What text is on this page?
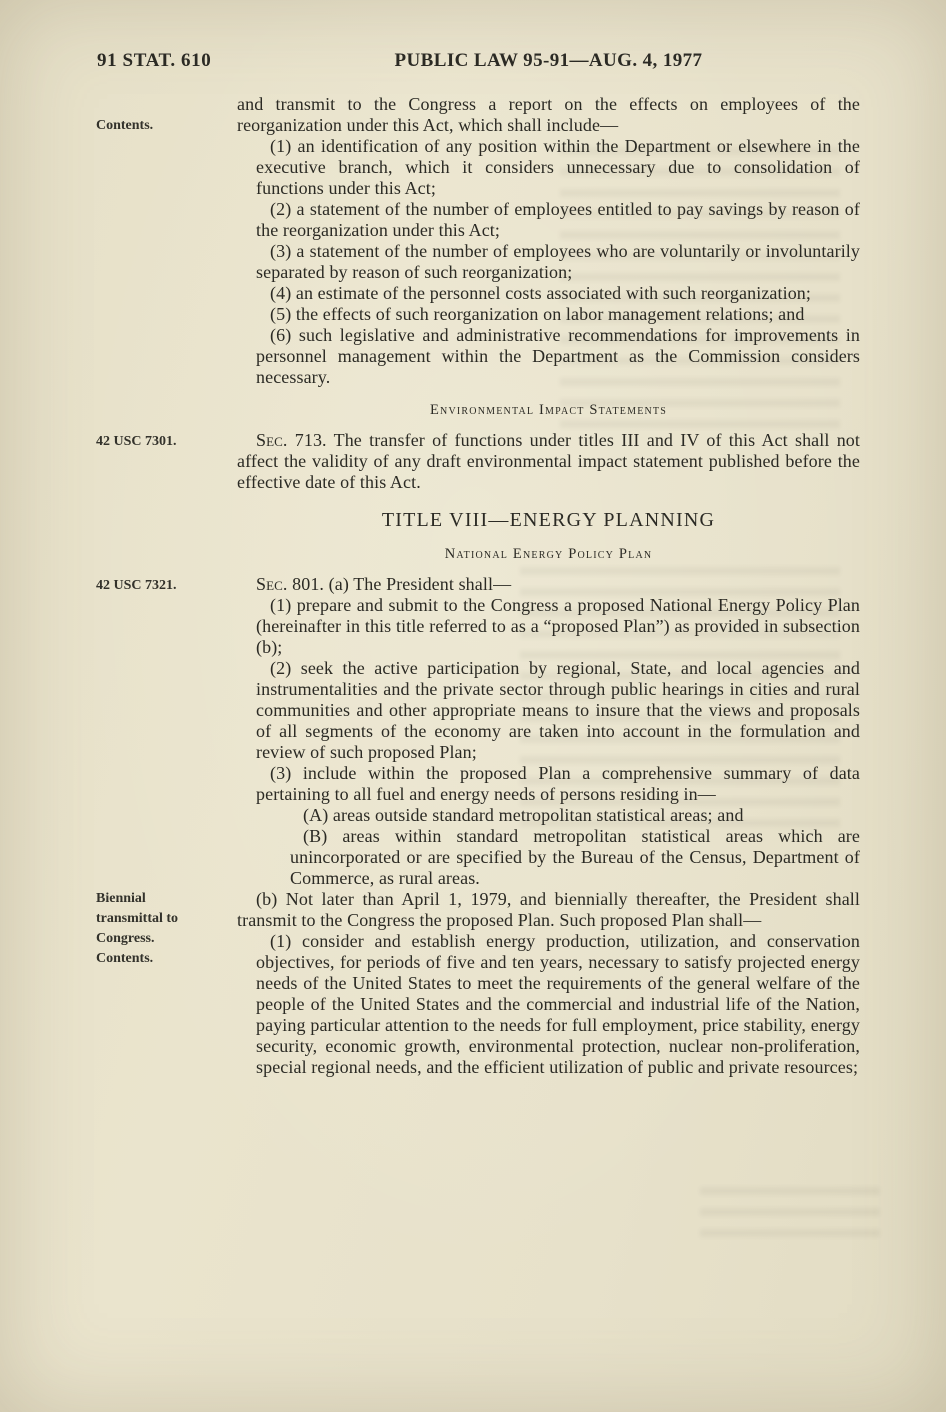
91 STAT. 610	PUBLIC LAW 95-91—AUG. 4, 1977
Contents.

and transmit to the Congress a report on the effects on employees of the reorganization under this Act, which shall include—

(1) an identification of any position within the Department or elsewhere in the executive branch, which it considers unnecessary due to consolidation of functions under this Act;

(2) a statement of the number of employees entitled to pay savings by reason of the reorganization under this Act;

(3) a statement of the number of employees who are voluntarily or involuntarily separated by reason of such reorganization;

(4) an estimate of the personnel costs associated with such reorganization;

(5) the effects of such reorganization on labor management relations; and

(6) such legislative and administrative recommendations for improvements in personnel management within the Department as the Commission considers necessary.

Environmental Impact Statements
42 USC 7301.	Sec. 713. The transfer of functions under titles III and IV of this Act shall not affect the validity of any draft environmental impact statement published before the effective date of this Act.

TITLE VIII—ENERGY PLANNING
National Energy Policy Plan
42 USC 7321.	Sec. 801. (a) The President shall—

(1) prepare and submit to the Congress a proposed National Energy Policy Plan (hereinafter in this title referred to as a “proposed Plan”) as provided in subsection (b);

(2) seek the active participation by regional, State, and local agencies and instrumentalities and the private sector through public hearings in cities and rural communities and other appropriate means to insure that the views and proposals of all segments of the economy are taken into account in the formulation and review of such proposed Plan;

(3) include within the proposed Plan a comprehensive summary of data pertaining to all fuel and energy needs of persons residing in—

(A) areas outside standard metropolitan statistical areas; and

(B) areas within standard metropolitan statistical areas which are unincorporated or are specified by the Bureau of the Census, Department of Commerce, as rural areas.

Biennial transmittal to Congress. Contents.

(b) Not later than April 1, 1979, and biennially thereafter, the President shall transmit to the Congress the proposed Plan. Such proposed Plan shall—

(1) consider and establish energy production, utilization, and conservation objectives, for periods of five and ten years, necessary to satisfy projected energy needs of the United States to meet the requirements of the general welfare of the people of the United States and the commercial and industrial life of the Nation, paying particular attention to the needs for full employment, price stability, energy security, economic growth, environmental protection, nuclear non-proliferation, special regional needs, and the efficient utilization of public and private resources;
